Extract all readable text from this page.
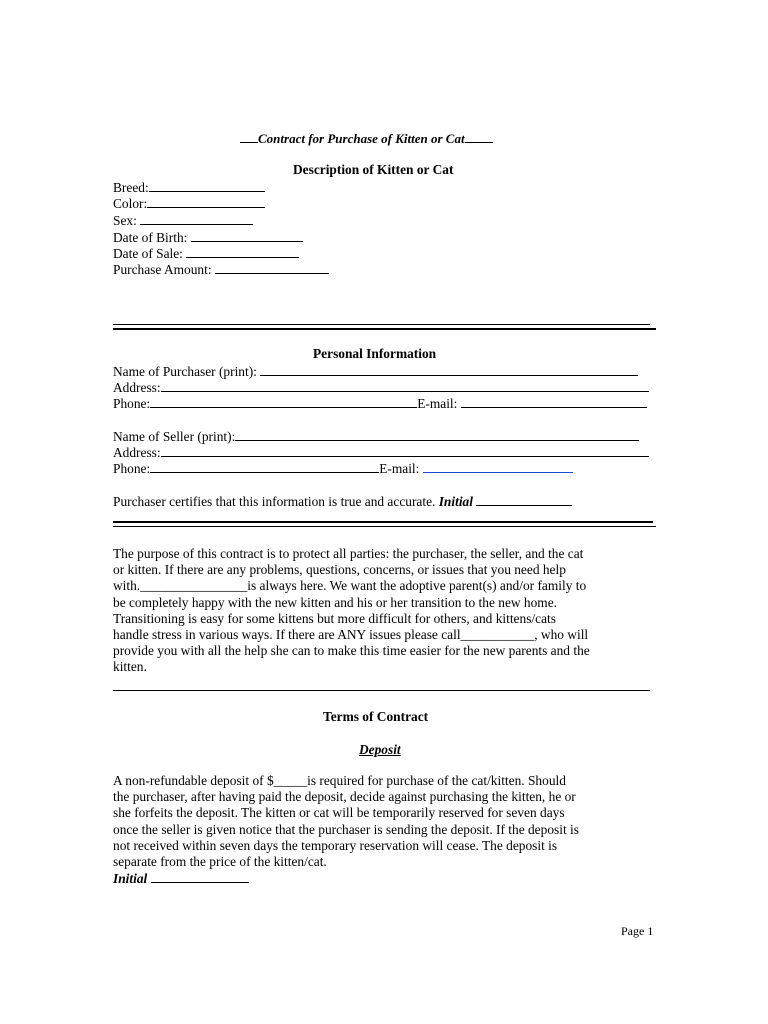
Contract for Purchase of Kitten or Cat
Description of Kitten or Cat
Breed:
Color:
Sex:
Date of Birth:
Date of Sale:
Purchase Amount:
Personal Information
Name of Purchaser (print):
Address:
Phone:	E-mail:
Name of Seller (print):
Address:
Phone:	E-mail:
Purchaser certifies that this information is true and accurate. Initial
The purpose of this contract is to protect all parties: the purchaser, the seller, and the cat
or kitten. If there are any problems, questions, concerns, or issues that you need help
with.________________is always here. We want the adoptive parent(s) and/or family to
be completely happy with the new kitten and his or her transition to the new home.
Transitioning is easy for some kittens but more difficult for others, and kittens/cats
handle stress in various ways. If there are ANY issues please call___________, who will
provide you with all the help she can to make this time easier for the new parents and the
kitten.
Terms of Contract
Deposit
A non-refundable deposit of $_____is required for purchase of the cat/kitten. Should
the purchaser, after having paid the deposit, decide against purchasing the kitten, he or
she forfeits the deposit. The kitten or cat will be temporarily reserved for seven days
once the seller is given notice that the purchaser is sending the deposit. If the deposit is
not received within seven days the temporary reservation will cease. The deposit is
separate from the price of the kitten/cat.
Initial
Page 1
